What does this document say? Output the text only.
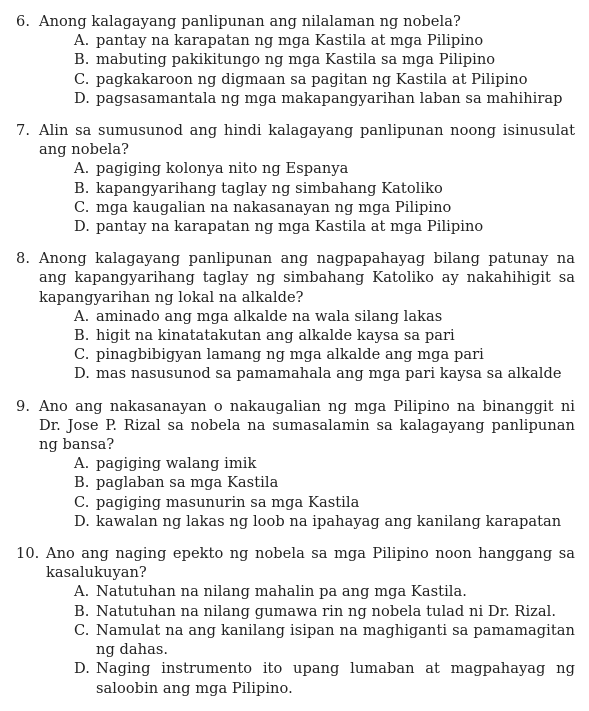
6. Anong kalagayang panlipunan ang nilalaman ng nobela?
A. pantay na karapatan ng mga Kastila at mga Pilipino
B. mabuting pakikitungo ng mga Kastila sa mga Pilipino
C. pagkakaroon ng digmaan sa pagitan ng Kastila at Pilipino
D. pagsasamantala ng mga makapangyarihan laban sa mahihirap
7. Alin sa sumusunod ang hindi kalagayang panlipunan noong isinusulat ang nobela?
A. pagiging kolonya nito ng Espanya
B. kapangyarihang taglay ng simbahang Katoliko
C. mga kaugalian na nakasanayan ng mga Pilipino
D. pantay na karapatan ng mga Kastila at mga Pilipino
8. Anong kalagayang panlipunan ang nagpapahayag bilang patunay na ang kapangyarihang taglay ng simbahang Katoliko ay nakahihigit sa kapangyarihan ng lokal na alkalde?
A. aminado ang mga alkalde na wala silang lakas
B. higit na kinatatakutan ang alkalde kaysa sa pari
C. pinagbibigyan lamang ng mga alkalde ang mga pari
D. mas nasusunod sa pamamahala ang mga pari kaysa sa alkalde
9. Ano ang nakasanayan o nakaugalian ng mga Pilipino na binanggit ni Dr. Jose P. Rizal sa nobela na sumasalamin sa kalagayang panlipunan ng bansa?
A. pagiging walang imik
B. paglaban sa mga Kastila
C. pagiging masunurin sa mga Kastila
D. kawalan ng lakas ng loob na ipahayag ang kanilang karapatan
10. Ano ang naging epekto ng nobela sa mga Pilipino noon hanggang sa kasalukuyan?
A. Natutuhan na nilang mahalin pa ang mga Kastila.
B. Natutuhan na nilang gumawa rin ng nobela tulad ni Dr. Rizal.
C. Namulat na ang kanilang isipan na maghiganti sa pamamagitan ng dahas.
D. Naging instrumento ito upang lumaban at magpahayag ng saloobin ang mga Pilipino.
